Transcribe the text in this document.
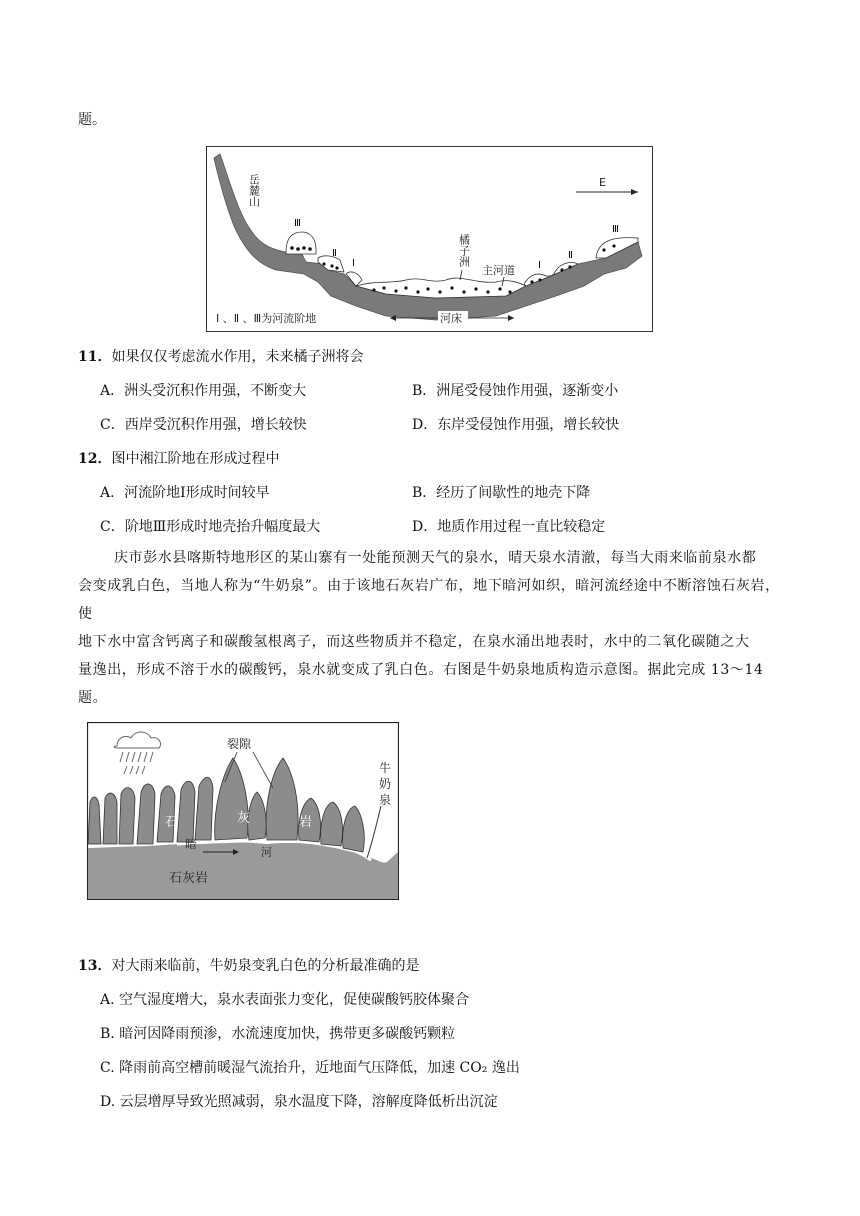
题。
E
岳麓山
Ⅲ
Ⅱ
Ⅰ	Ⅰ
Ⅱ
Ⅲ
橘子洲
主河道
河床
Ⅰ 、Ⅱ 、Ⅲ为河流阶地
11．如果仅仅考虑流水作用，未来橘子洲将会
A．洲头受沉积作用强，不断变大	B．洲尾受侵蚀作用强，逐渐变小
C．西岸受沉积作用强，增长较快	D．东岸受侵蚀作用强，增长较快
12．图中湘江阶地在形成过程中
A．河流阶地Ⅰ形成时间较早	B．经历了间歇性的地壳下降
C．阶地Ⅲ形成时地壳抬升幅度最大	D．地质作用过程一直比较稳定
庆市彭水县喀斯特地形区的某山寨有一处能预测天气的泉水，晴天泉水清澈，每当大雨来临前泉水都
会变成乳白色，当地人称为“牛奶泉”。由于该地石灰岩广布，地下暗河如织，暗河流经途中不断溶蚀石灰岩，使
地下水中富含钙离子和碳酸氢根离子，而这些物质并不稳定，在泉水涌出地表时，水中的二氧化碳随之大
量逸出，形成不溶于水的碳酸钙，泉水就变成了乳白色。右图是牛奶泉地质构造示意图。据此完成 13～14
题。
裂隙
牛
奶
泉
石	灰	岩
暗
河
石灰岩
13．对大雨来临前，牛奶泉变乳白色的分析最准确的是
A. 空气湿度增大，泉水表面张力变化，促使碳酸钙胶体聚合
B. 暗河因降雨预渗，水流速度加快，携带更多碳酸钙颗粒
C. 降雨前高空槽前暖湿气流抬升，近地面气压降低，加速 CO₂ 逸出
D. 云层增厚导致光照减弱，泉水温度下降，溶解度降低析出沉淀
